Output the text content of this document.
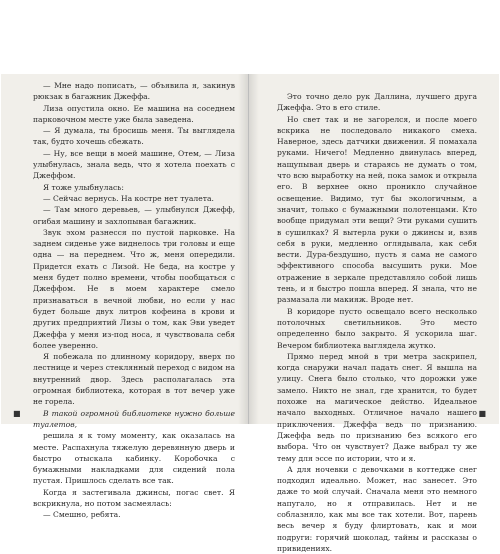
— Мне надо пописать, — объявила я, закинув рюкзак в багажник Джеффа.

Лиза опустила окно. Ее машина на соседнем парковочном месте уже была заведена.

— Я думала, ты бросишь меня. Ты выглядела так, будто хочешь сбежать.

— Ну, все вещи в моей машине, Отем, — Лиза улыбнулась, знала ведь, что я хотела поехать с Джеффом.

Я тоже улыбнулась:

— Сейчас вернусь. На костре нет туалета.

— Там много деревьев, — улыбнулся Джефф, огибая машину и захлопывая багажник.

Звук эхом разнесся по пустой парковке. На заднем сиденье уже виднелось три головы и еще одна — на переднем. Что ж, меня опередили. Придется ехать с Лизой. Не беда, на костре у меня будет полно времени, чтобы пообщаться с Джеффом. Не в моем характере смело признаваться в вечной любви, но если у нас будет больше двух литров кофеина в крови и других предприятий Лизы о том, как Эви уведет Джеффа у меня из-под носа, я чувствовала себя более уверенно.

Я побежала по длинному коридору, вверх по лестнице и через стеклянный переход с видом на внутренний двор. Здесь располагалась эта огромная библиотека, которая в тот вечер уже не горела.

В такой огромной библиотеке нужно больше туалетов,

решила я к тому моменту, как оказалась на месте. Распахнула тяжелую деревянную дверь и быстро отыскала кабинку. Коробочка с бумажными накладками для сидений пола пустая. Пришлось сделать все так.

Когда я застегивала джинсы, погас свет. Я вскрикнула, но потом засмеялась:

— Смешно, ребята.

■

Это точно дело рук Даллина, лучшего друга Джеффа. Это в его стиле.

Но свет так и не загорелся, и после моего вскрика не последовало никакого смеха. Наверное, здесь датчики движения. Я помахала руками. Ничего! Медленно двинулась вперед, нащупывая дверь и стараясь не думать о том, что всю выработку на ней, пока замок и открыла его. В верхнее окно проникло случайное освещение. Видимо, тут бы экологичным, а значит, только с бумажными полотенцами. Кто вообще придумал эти вещи? Эти руками сушить в сушилках? Я вытерла руки о джинсы и, взяв себя в руки, медленно оглядывала, как себя вести. Дура-бездушно, пусть я сама не самого эффективного способа высушить руки. Мое отражение в зеркале представляло собой лишь тень, и я быстро пошла вперед. Я знала, что не размазала ли макияж. Вроде нет.

В коридоре пусто освещало всего несколько потолочных светильников. Это место определенно было закрыто. Я ускорила шаг. Вечером библиотека выглядела жутко.

Прямо перед мной в три метра заскрипел, когда снаружи начал падать снег. Я вышла на улицу. Снега было столько, что дорожки уже замело. Никто не знал, где хранится, то будет похоже на магическое действо. Идеальное начало выходных. Отличное начало нашего приключения. Джеффа ведь по признанию. Джеффа ведь по признанию без всякого его выбора. Что он чувствует? Даже выбрал ту же тему для эссе по истории, что и я.

А для ночевки с девочками в коттедже снег подходил идеально. Может, нас занесет. Это даже то мой случай. Сначала меня это немного напугало, но я отправилась. Нет и не соблазняло, как мы все так хотели. Вот, парень весь вечер я буду флиртовать, как и мои подруги: горячий шоколад, тайны и рассказы о привидениях.

■
